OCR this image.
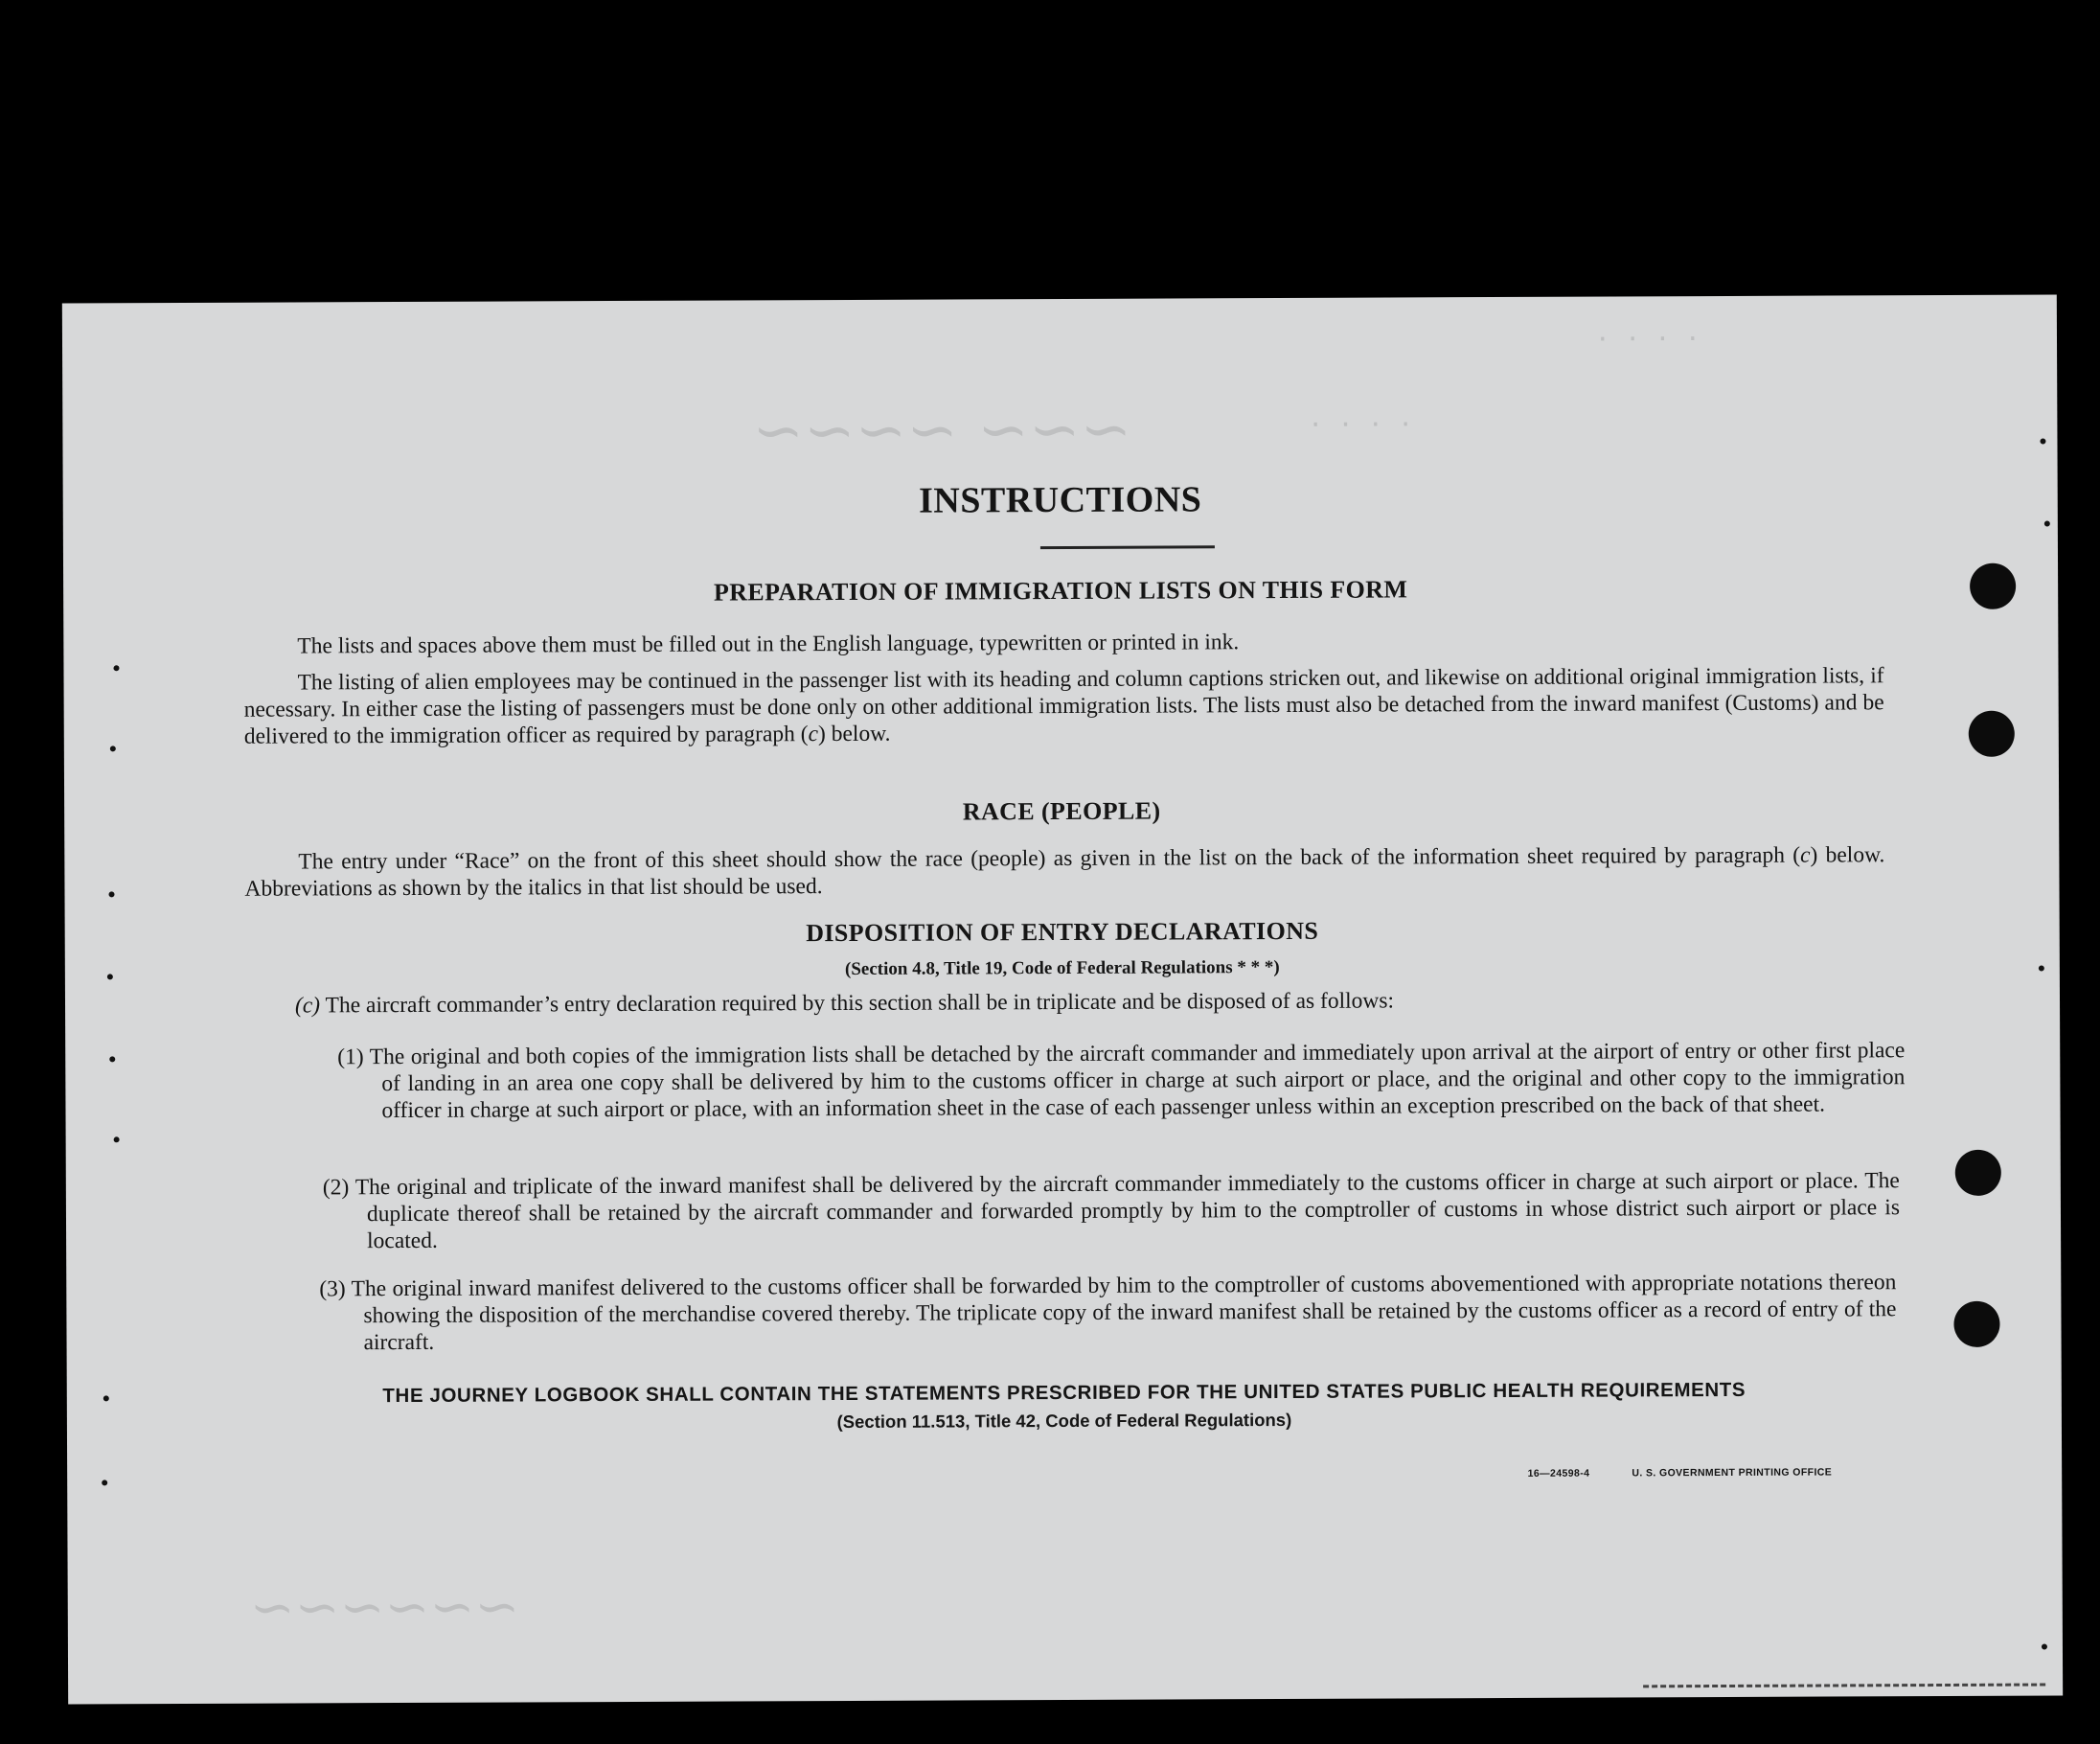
· · · ·
· · · ·
~~~ ~~~~
~~~~~~
INSTRUCTIONS
PREPARATION OF IMMIGRATION LISTS ON THIS FORM

The lists and spaces above them must be filled out in the English language, typewritten or printed in ink.

The listing of alien employees may be continued in the passenger list with its heading and column captions stricken out, and likewise on additional original immigration lists, if necessary. In either case the listing of passengers must be done only on other additional immigration lists. The lists must also be detached from the inward manifest (Customs) and be delivered to the immigration officer as required by paragraph (c) below.

RACE (PEOPLE)

The entry under “Race” on the front of this sheet should show the race (people) as given in the list on the back of the information sheet required by paragraph (c) below. Abbreviations as shown by the italics in that list should be used.

DISPOSITION OF ENTRY DECLARATIONS
(Section 4.8, Title 19, Code of Federal Regulations * * *)

(c) The aircraft commander’s entry declaration required by this section shall be in triplicate and be disposed of as follows:

(1) The original and both copies of the immigration lists shall be detached by the aircraft commander and immediately upon arrival at the airport of entry or other first place of landing in an area one copy shall be delivered by him to the customs officer in charge at such airport or place, and the original and other copy to the immigration officer in charge at such airport or place, with an information sheet in the case of each passenger unless within an exception prescribed on the back of that sheet.

(2) The original and triplicate of the inward manifest shall be delivered by the aircraft commander immediately to the customs officer in charge at such airport or place. The duplicate thereof shall be retained by the aircraft commander and forwarded promptly by him to the comptroller of customs in whose district such airport or place is located.

(3) The original inward manifest delivered to the customs officer shall be forwarded by him to the comptroller of customs abovementioned with appropriate notations thereon showing the disposition of the merchandise covered thereby. The triplicate copy of the inward manifest shall be retained by the customs officer as a record of entry of the aircraft.

THE JOURNEY LOGBOOK SHALL CONTAIN THE STATEMENTS PRESCRIBED FOR THE UNITED STATES PUBLIC HEALTH REQUIREMENTS
(Section 11.513, Title 42, Code of Federal Regulations)
16—24598-4	U. S. GOVERNMENT PRINTING OFFICE
